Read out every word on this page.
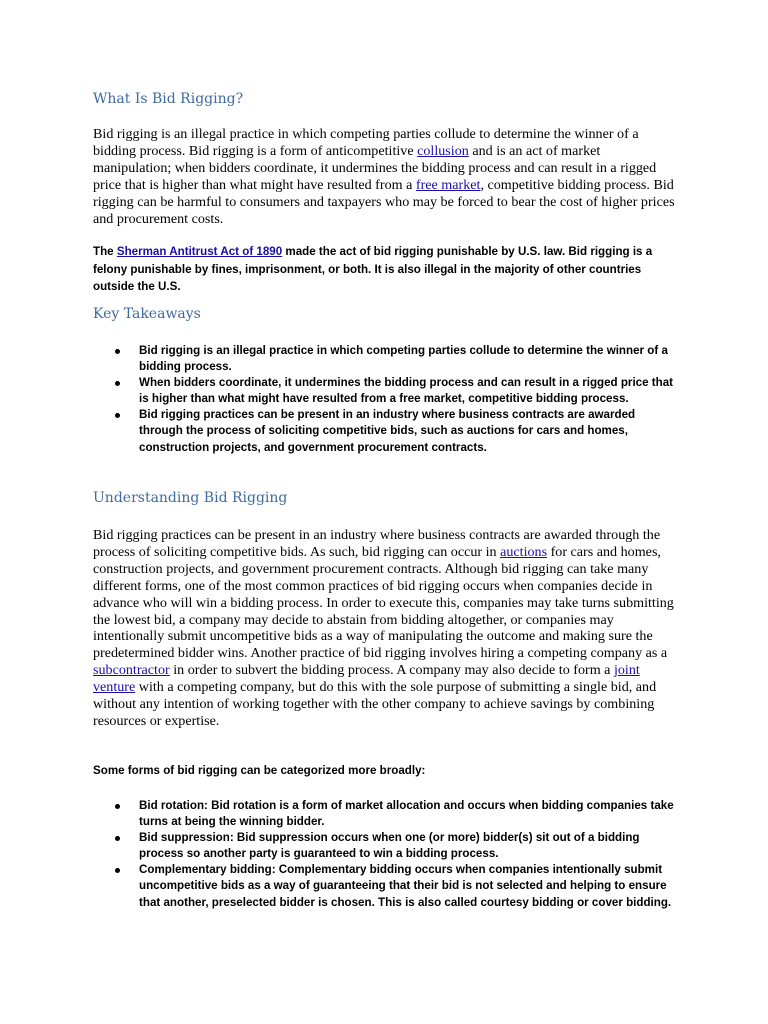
What Is Bid Rigging?
Bid rigging is an illegal practice in which competing parties collude to determine the winner of a bidding process. Bid rigging is a form of anticompetitive collusion and is an act of market manipulation; when bidders coordinate, it undermines the bidding process and can result in a rigged price that is higher than what might have resulted from a free market, competitive bidding process. Bid rigging can be harmful to consumers and taxpayers who may be forced to bear the cost of higher prices and procurement costs.
The Sherman Antitrust Act of 1890 made the act of bid rigging punishable by U.S. law. Bid rigging is a felony punishable by fines, imprisonment, or both. It is also illegal in the majority of other countries outside the U.S.
Key Takeaways
Bid rigging is an illegal practice in which competing parties collude to determine the winner of a bidding process.
When bidders coordinate, it undermines the bidding process and can result in a rigged price that is higher than what might have resulted from a free market, competitive bidding process.
Bid rigging practices can be present in an industry where business contracts are awarded through the process of soliciting competitive bids, such as auctions for cars and homes, construction projects, and government procurement contracts.
Understanding Bid Rigging
Bid rigging practices can be present in an industry where business contracts are awarded through the process of soliciting competitive bids. As such, bid rigging can occur in auctions for cars and homes, construction projects, and government procurement contracts. Although bid rigging can take many different forms, one of the most common practices of bid rigging occurs when companies decide in advance who will win a bidding process. In order to execute this, companies may take turns submitting the lowest bid, a company may decide to abstain from bidding altogether, or companies may intentionally submit uncompetitive bids as a way of manipulating the outcome and making sure the predetermined bidder wins. Another practice of bid rigging involves hiring a competing company as a subcontractor in order to subvert the bidding process. A company may also decide to form a joint venture with a competing company, but do this with the sole purpose of submitting a single bid, and without any intention of working together with the other company to achieve savings by combining resources or expertise.
Some forms of bid rigging can be categorized more broadly:
Bid rotation: Bid rotation is a form of market allocation and occurs when bidding companies take turns at being the winning bidder.
Bid suppression: Bid suppression occurs when one (or more) bidder(s) sit out of a bidding process so another party is guaranteed to win a bidding process.
Complementary bidding: Complementary bidding occurs when companies intentionally submit uncompetitive bids as a way of guaranteeing that their bid is not selected and helping to ensure that another, preselected bidder is chosen. This is also called courtesy bidding or cover bidding.
